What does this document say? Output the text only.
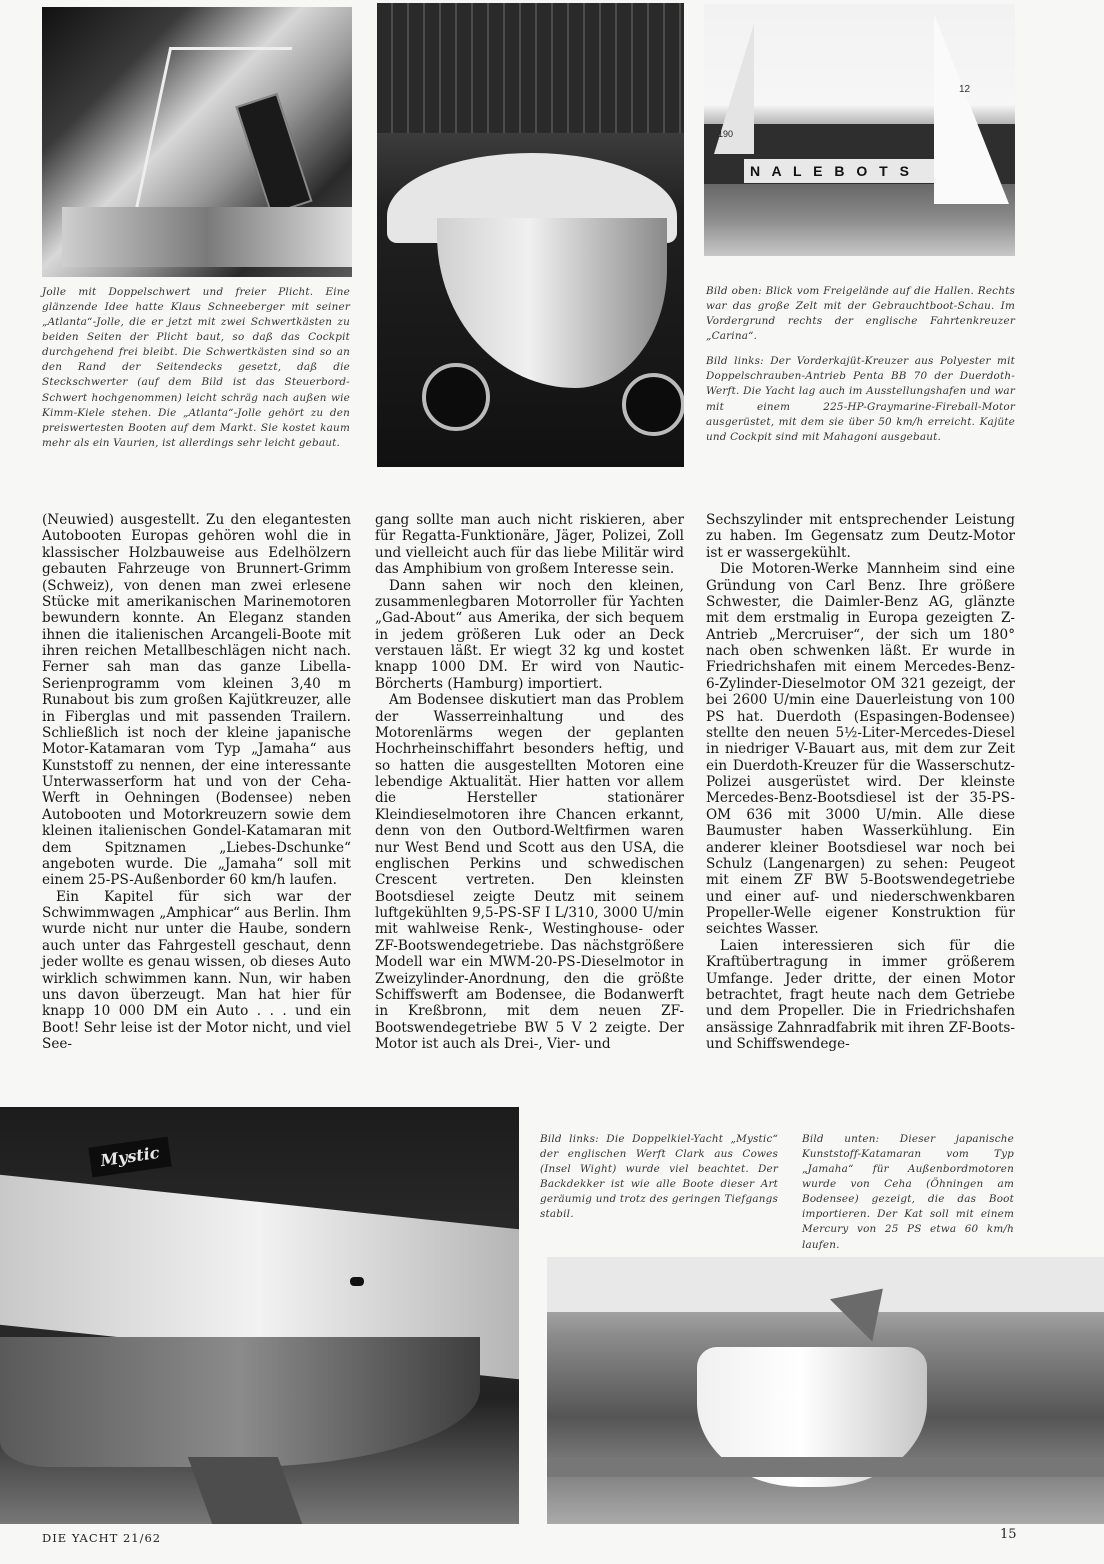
N A L E B O T S
190
12
Mystic

Jolle mit Doppelschwert und freier Plicht. Eine glänzende Idee hatte Klaus Schneeberger mit seiner „Atlanta“-Jolle, die er jetzt mit zwei Schwertkästen zu beiden Seiten der Plicht baut, so daß das Cockpit durchgehend frei bleibt. Die Schwertkästen sind so an den Rand der Seitendecks gesetzt, daß die Steckschwerter (auf dem Bild ist das Steuerbord-Schwert hochgenommen) leicht schräg nach außen wie Kimm-Kiele stehen. Die „Atlanta“-Jolle gehört zu den preiswertesten Booten auf dem Markt. Sie kostet kaum mehr als ein Vaurien, ist allerdings sehr leicht gebaut.

Bild oben: Blick vom Freigelände auf die Hallen. Rechts war das große Zelt mit der Gebrauchtboot-Schau. Im Vordergrund rechts der englische Fahrtenkreuzer „Carina“.

Bild links: Der Vorderkajüt-Kreuzer aus Polyester mit Doppelschrauben-Antrieb Penta BB 70 der Duerdoth-Werft. Die Yacht lag auch im Ausstellungshafen und war mit einem 225-HP-Graymarine-Fireball-Motor ausgerüstet, mit dem sie über 50 km/h erreicht. Kajüte und Cockpit sind mit Mahagoni ausgebaut.

Bild links: Die Doppelkiel-Yacht „Mystic“ der englischen Werft Clark aus Cowes (Insel Wight) wurde viel beachtet. Der Backdekker ist wie alle Boote dieser Art geräumig und trotz des geringen Tiefgangs stabil.

Bild unten: Dieser japanische Kunststoff-Katamaran vom Typ „Jamaha“ für Außenbordmotoren wurde von Ceha (Öhningen am Bodensee) gezeigt, die das Boot importieren. Der Kat soll mit einem Mercury von 25 PS etwa 60 km/h laufen.

(Neuwied) ausgestellt. Zu den elegantesten Autobooten Europas gehören wohl die in klassischer Holzbauweise aus Edelhölzern gebauten Fahrzeuge von Brunnert-Grimm (Schweiz), von denen man zwei erlesene Stücke mit amerikanischen Marinemotoren bewundern konnte. An Eleganz standen ihnen die italienischen Arcangeli-Boote mit ihren reichen Metallbeschlägen nicht nach. Ferner sah man das ganze Libella-Serienprogramm vom kleinen 3,40 m Runabout bis zum großen Kajütkreuzer, alle in Fiberglas und mit passenden Trailern. Schließlich ist noch der kleine japanische Motor-Katamaran vom Typ „Jamaha“ aus Kunststoff zu nennen, der eine interessante Unterwasserform hat und von der Ceha-Werft in Oehningen (Bodensee) neben Autobooten und Motorkreuzern sowie dem kleinen italienischen Gondel-Katamaran mit dem Spitznamen „Liebes-Dschunke“ angeboten wurde. Die „Jamaha“ soll mit einem 25-PS-Außenborder 60 km/h laufen.

Ein Kapitel für sich war der Schwimmwagen „Amphicar“ aus Berlin. Ihm wurde nicht nur unter die Haube, sondern auch unter das Fahrgestell geschaut, denn jeder wollte es genau wissen, ob dieses Auto wirklich schwimmen kann. Nun, wir haben uns davon überzeugt. Man hat hier für knapp 10 000 DM ein Auto . . . und ein Boot! Sehr leise ist der Motor nicht, und viel See-

gang sollte man auch nicht riskieren, aber für Regatta-Funktionäre, Jäger, Polizei, Zoll und vielleicht auch für das liebe Militär wird das Amphibium von großem Interesse sein.

Dann sahen wir noch den kleinen, zusammenlegbaren Motorroller für Yachten „Gad-About“ aus Amerika, der sich bequem in jedem größeren Luk oder an Deck verstauen läßt. Er wiegt 32 kg und kostet knapp 1000 DM. Er wird von Nautic-Börcherts (Hamburg) importiert.

Am Bodensee diskutiert man das Problem der Wasserreinhaltung und des Motorenlärms wegen der geplanten Hochrheinschiffahrt besonders heftig, und so hatten die ausgestellten Motoren eine lebendige Aktualität. Hier hatten vor allem die Hersteller stationärer Kleindieselmotoren ihre Chancen erkannt, denn von den Outbord-Weltfirmen waren nur West Bend und Scott aus den USA, die englischen Perkins und schwedischen Crescent vertreten. Den kleinsten Bootsdiesel zeigte Deutz mit seinem luftgekühlten 9,5-PS-SF I L/310, 3000 U/min mit wahlweise Renk-, Westinghouse- oder ZF-Bootswendegetriebe. Das nächstgrößere Modell war ein MWM-20-PS-Dieselmotor in Zweizylinder-Anordnung, den die größte Schiffswerft am Bodensee, die Bodanwerft in Kreßbronn, mit dem neuen ZF-Bootswendegetriebe BW 5 V 2 zeigte. Der Motor ist auch als Drei-, Vier- und

Sechszylinder mit entsprechender Leistung zu haben. Im Gegensatz zum Deutz-Motor ist er wassergekühlt.

Die Motoren-Werke Mannheim sind eine Gründung von Carl Benz. Ihre größere Schwester, die Daimler-Benz AG, glänzte mit dem erstmalig in Europa gezeigten Z-Antrieb „Mercruiser“, der sich um 180° nach oben schwenken läßt. Er wurde in Friedrichshafen mit einem Mercedes-Benz-6-Zylinder-Dieselmotor OM 321 gezeigt, der bei 2600 U/min eine Dauerleistung von 100 PS hat. Duerdoth (Espasingen-Bodensee) stellte den neuen 5½-Liter-Mercedes-Diesel in niedriger V-Bauart aus, mit dem zur Zeit ein Duerdoth-Kreuzer für die Wasserschutz-Polizei ausgerüstet wird. Der kleinste Mercedes-Benz-Bootsdiesel ist der 35-PS-OM 636 mit 3000 U/min. Alle diese Baumuster haben Wasserkühlung. Ein anderer kleiner Bootsdiesel war noch bei Schulz (Langenargen) zu sehen: Peugeot mit einem ZF BW 5-Bootswendegetriebe und einer auf- und niederschwenkbaren Propeller-Welle eigener Konstruktion für seichtes Wasser.

Laien interessieren sich für die Kraftübertragung in immer größerem Umfange. Jeder dritte, der einen Motor betrachtet, fragt heute nach dem Getriebe und dem Propeller. Die in Friedrichshafen ansässige Zahnradfabrik mit ihren ZF-Boots- und Schiffswendege-

DIE YACHT 21/62	15
